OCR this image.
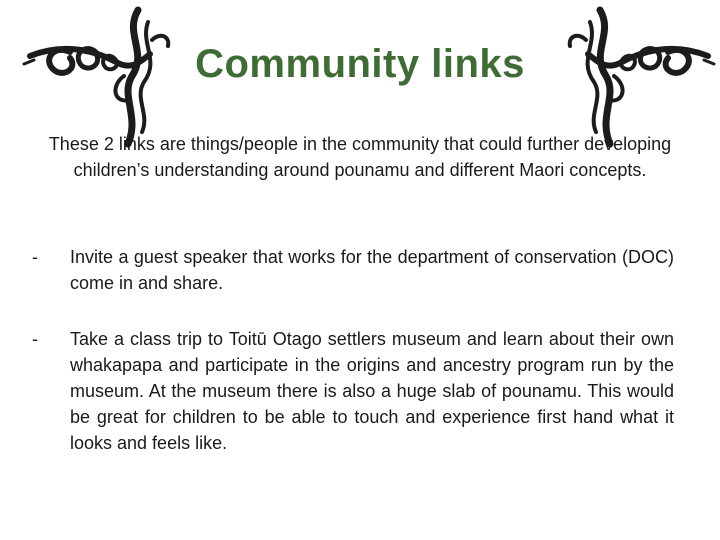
Community links
These 2 links are things/people in the community that could further developing children’s understanding around pounamu and different Maori concepts.
- Invite a guest speaker that works for the department of conservation (DOC) come in and share.
- Take a class trip to Toitū Otago settlers museum and learn about their own whakapapa and participate in the origins and ancestry program run by the museum. At the museum there is also a huge slab of pounamu. This would be great for children to be able to touch and experience first hand what it looks and feels like.
